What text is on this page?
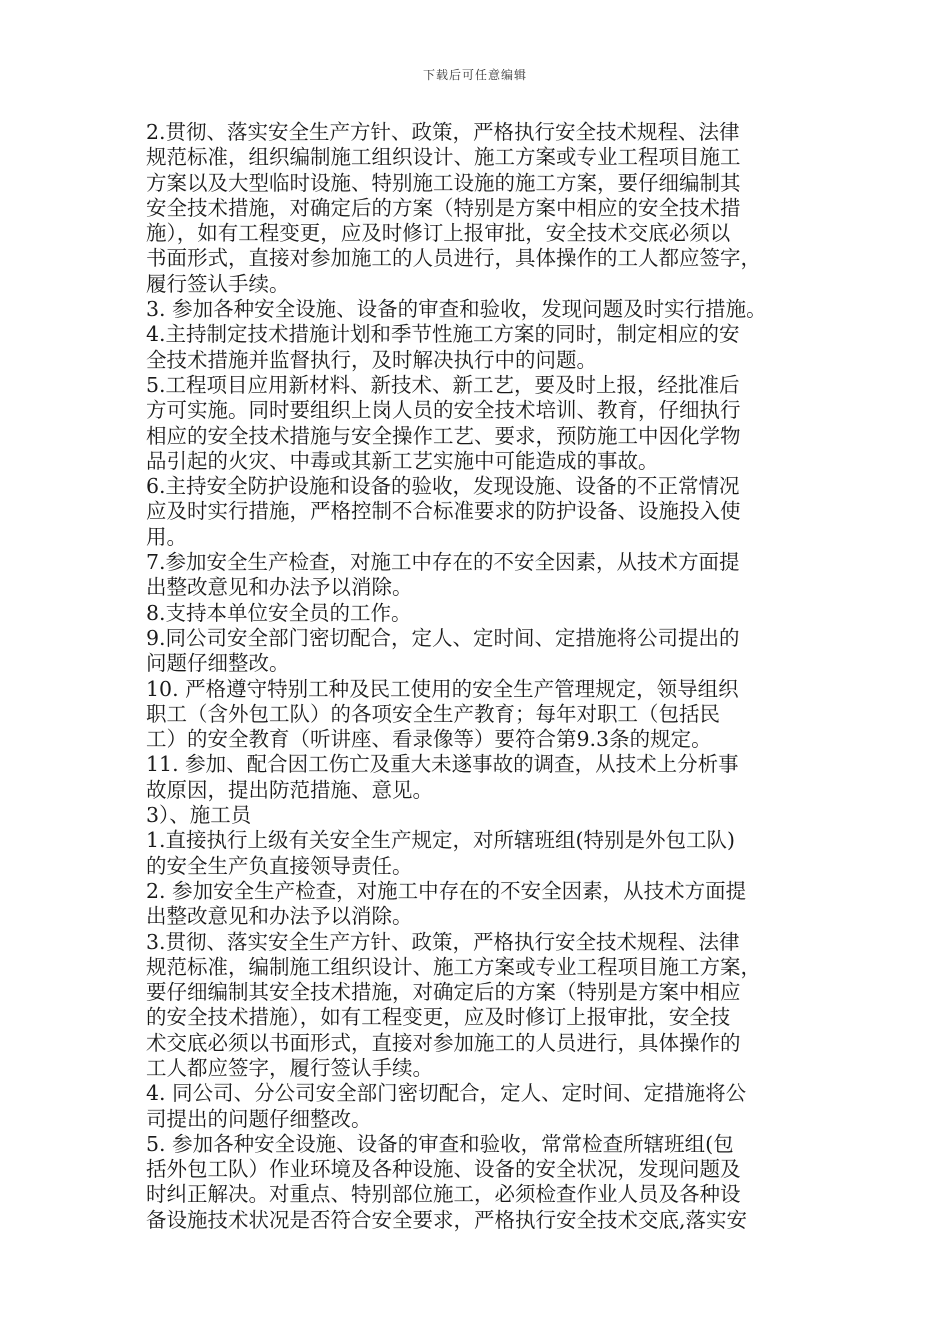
下载后可任意编辑

2.贯彻、落实安全生产方针、政策，严格执行安全技术规程、法律

规范标准，组织编制施工组织设计、施工方案或专业工程项目施工

方案以及大型临时设施、特别施工设施的施工方案，要仔细编制其

安全技术措施，对确定后的方案（特别是方案中相应的安全技术措

施），如有工程变更，应及时修订上报审批，安全技术交底必须以

书面形式，直接对参加施工的人员进行，具体操作的工人都应签字，

履行签认手续。

3. 参加各种安全设施、设备的审查和验收，发现问题及时实行措施。

4.主持制定技术措施计划和季节性施工方案的同时，制定相应的安

全技术措施并监督执行，及时解决执行中的问题。

5.工程项目应用新材料、新技术、新工艺，要及时上报，经批准后

方可实施。同时要组织上岗人员的安全技术培训、教育，仔细执行

相应的安全技术措施与安全操作工艺、要求，预防施工中因化学物

品引起的火灾、中毒或其新工艺实施中可能造成的事故。

6.主持安全防护设施和设备的验收，发现设施、设备的不正常情况

应及时实行措施，严格控制不合标准要求的防护设备、设施投入使

用。

7.参加安全生产检查，对施工中存在的不安全因素，从技术方面提

出整改意见和办法予以消除。

8.支持本单位安全员的工作。

9.同公司安全部门密切配合，定人、定时间、定措施将公司提出的

问题仔细整改。

10. 严格遵守特别工种及民工使用的安全生产管理规定，领导组织

职工（含外包工队）的各项安全生产教育；每年对职工（包括民

工）的安全教育（听讲座、看录像等）要符合第9.3条的规定。

11. 参加、配合因工伤亡及重大未遂事故的调查，从技术上分析事

故原因，提出防范措施、意见。

3）、施工员

1.直接执行上级有关安全生产规定，对所辖班组(特别是外包工队)

的安全生产负直接领导责任。

2. 参加安全生产检查，对施工中存在的不安全因素，从技术方面提

出整改意见和办法予以消除。

3.贯彻、落实安全生产方针、政策，严格执行安全技术规程、法律

规范标准，编制施工组织设计、施工方案或专业工程项目施工方案，

要仔细编制其安全技术措施，对确定后的方案（特别是方案中相应

的安全技术措施），如有工程变更，应及时修订上报审批，安全技

术交底必须以书面形式，直接对参加施工的人员进行，具体操作的

工人都应签字，履行签认手续。

4. 同公司、分公司安全部门密切配合，定人、定时间、定措施将公

司提出的问题仔细整改。

5. 参加各种安全设施、设备的审查和验收，常常检查所辖班组(包

括外包工队）作业环境及各种设施、设备的安全状况，发现问题及

时纠正解决。对重点、特别部位施工，必须检查作业人员及各种设

备设施技术状况是否符合安全要求，严格执行安全技术交底,落实安
